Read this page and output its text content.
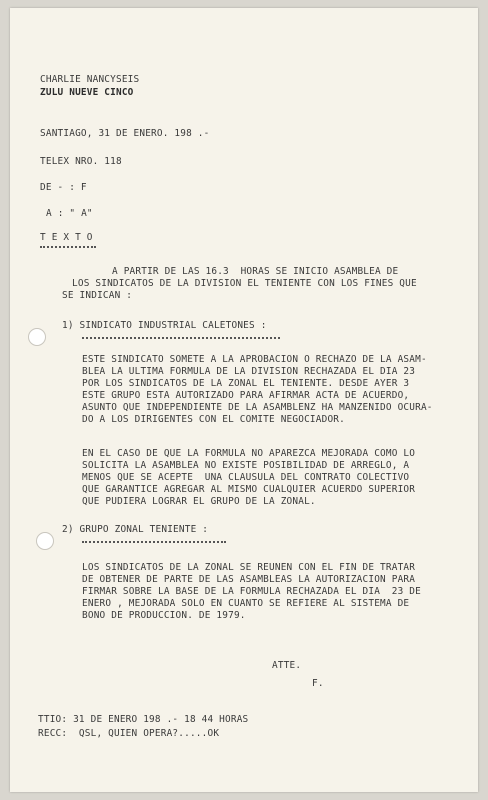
CHARLIE NANCYSEIS
ZULU NUEVE CINCO
SANTIAGO, 31 DE ENERO. 198 .-
TELEX NRO. 118
DE - : F
A : " A"
T E X T O
A PARTIR DE LAS 16.3  HORAS SE INICIO ASAMBLEA DE
LOS SINDICATOS DE LA DIVISION EL TENIENTE CON LOS FINES QUE
SE INDICAN :
1) SINDICATO INDUSTRIAL CALETONES :
ESTE SINDICATO SOMETE A LA APROBACION O RECHAZO DE LA ASAM-
BLEA LA ULTIMA FORMULA DE LA DIVISION RECHAZADA EL DIA 23
POR LOS SINDICATOS DE LA ZONAL EL TENIENTE. DESDE AYER 3
ESTE GRUPO ESTA AUTORIZADO PARA AFIRMAR ACTA DE ACUERDO,
ASUNTO QUE INDEPENDIENTE DE LA ASAMBLENZ HA MANZENIDO OCURA-
DO A LOS DIRIGENTES CON EL COMITE NEGOCIADOR.
EN EL CASO DE QUE LA FORMULA NO APAREZCA MEJORADA COMO LO
SOLICITA LA ASAMBLEA NO EXISTE POSIBILIDAD DE ARREGLO, A
MENOS QUE SE ACEPTE  UNA CLAUSULA DEL CONTRATO COLECTIVO
QUE GARANTICE AGREGAR AL MISMO CUALQUIER ACUERDO SUPERIOR
QUE PUDIERA LOGRAR EL GRUPO DE LA ZONAL.
2) GRUPO ZONAL TENIENTE :
LOS SINDICATOS DE LA ZONAL SE REUNEN CON EL FIN DE TRATAR
DE OBTENER DE PARTE DE LAS ASAMBLEAS LA AUTORIZACION PARA
FIRMAR SOBRE LA BASE DE LA FORMULA RECHAZADA EL DIA  23 DE
ENERO , MEJORADA SOLO EN CUANTO SE REFIERE AL SISTEMA DE
BONO DE PRODUCCION. DE 1979.
ATTE.
F.
TTIO: 31 DE ENERO 198 .- 18 44 HORAS
RECC:  QSL, QUIEN OPERA?.....OK
